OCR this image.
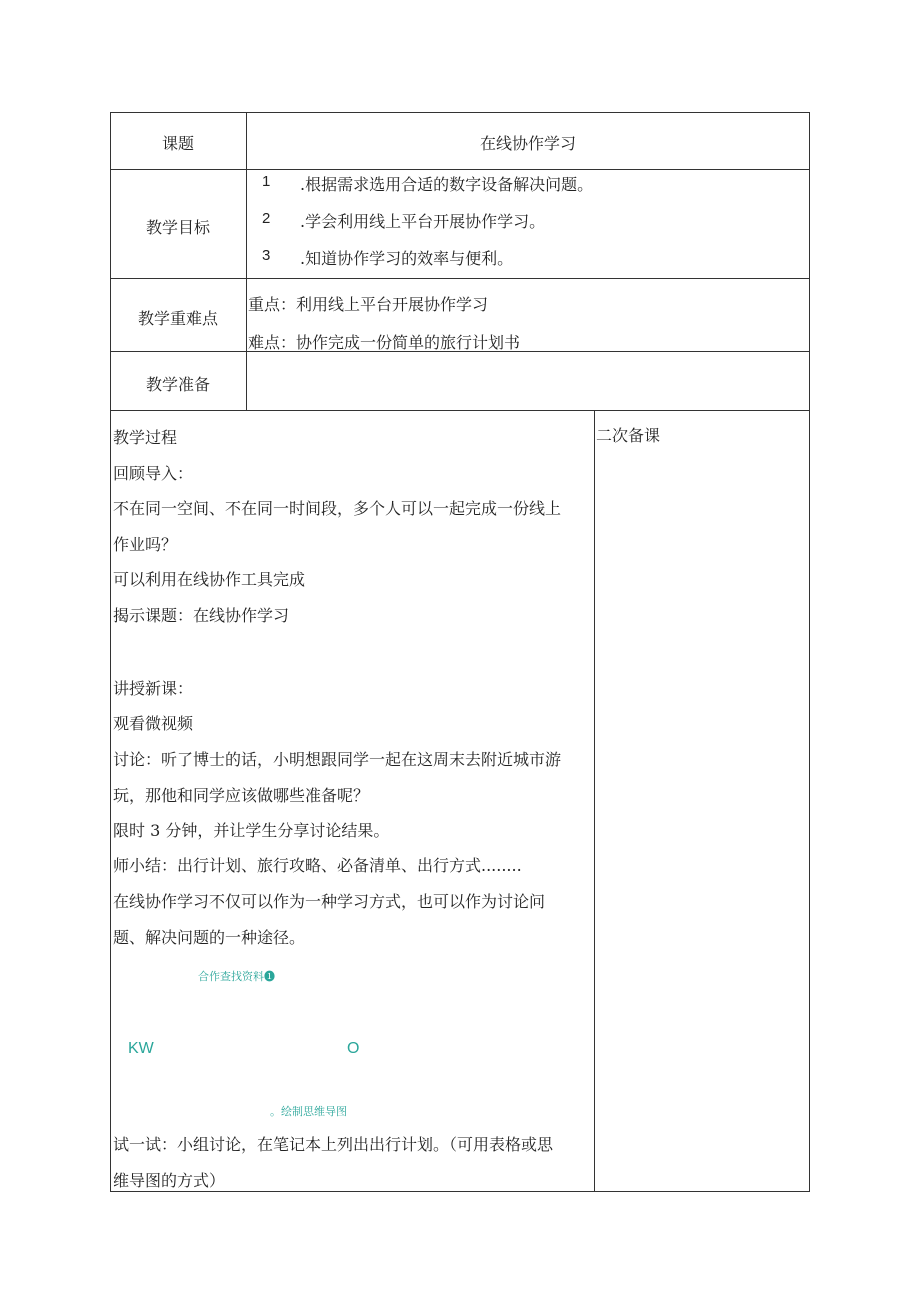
课题	在线协作学习
教学目标
1 .根据需求选用合适的数字设备解决问题。
2 .学会利用线上平台开展协作学习。
3 .知道协作学习的效率与便利。
教学重难点
重点：利用线上平台开展协作学习
难点：协作完成一份简单的旅行计划书
教学准备
教学过程
回顾导入：
不在同一空间、不在同一时间段，多个人可以一起完成一份线上
作业吗？
可以利用在线协作工具完成
揭示课题：在线协作学习
讲授新课：
观看微视频
讨论：听了博士的话，小明想跟同学一起在这周末去附近城市游
玩，那他和同学应该做哪些准备呢？
限时 3 分钟，并让学生分享讨论结果。
师小结：出行计划、旅行攻略、必备清单、出行方式........
在线协作学习不仅可以作为一种学习方式，也可以作为讨论问
题、解决问题的一种途径。
合作查找资料❶
KW	O
。绘制思维导图
试一试：小组讨论，在笔记本上列出出行计划。（可用表格或思
维导图的方式）
二次备课
